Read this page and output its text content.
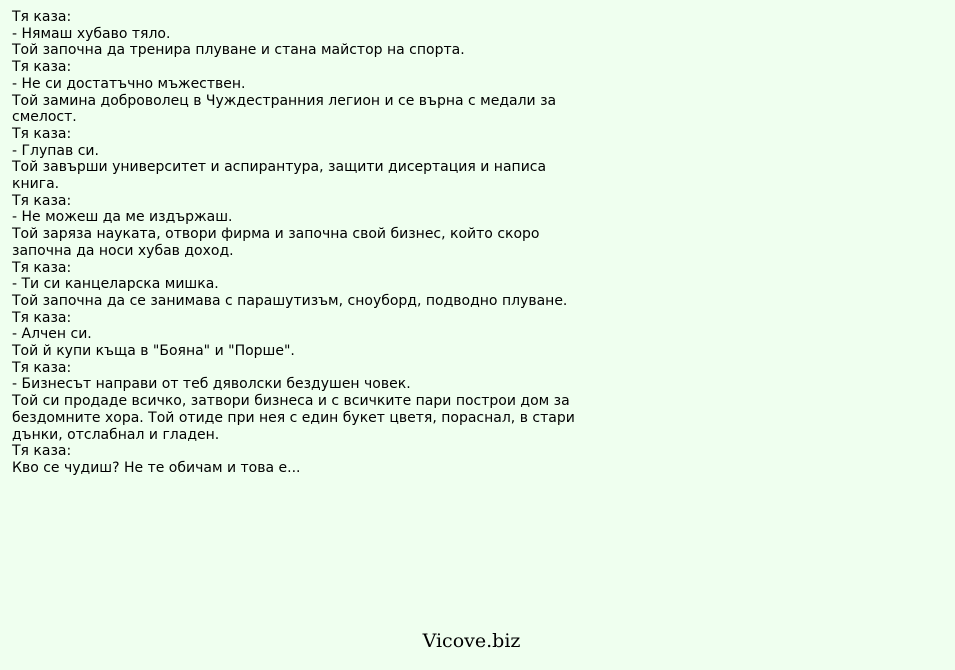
Тя каза:
- Нямаш хубаво тяло.
Той започна да тренира плуване и стана майстор на спорта.
Тя каза:
- Не си достатъчно мъжествен.
Той замина доброволец в Чуждестранния легион и се върна с медали за смелост.
Тя каза:
- Глупав си.
Той завърши университет и аспирантура, защити дисертация и написа книга.
Тя каза:
- Не можеш да ме издържаш.
Той заряза науката, отвори фирма и започна свой бизнес, който скоро започна да носи хубав доход.
Тя каза:
- Ти си канцеларска мишка.
Той започна да се занимава с парашутизъм, сноуборд, подводно плуване.
Тя каза:
- Алчен си.
Той й купи къща в "Бояна" и "Порше".
Тя каза:
- Бизнесът направи от теб дяволски бездушен човек.
Той си продаде всичко, затвори бизнеса и с всичките пари построи дом за бездомните хора. Той отиде при нея с един букет цветя, пораснал, в стари дънки, отслабнал и гладен.
Тя каза:
Кво се чудиш? Не те обичам и това е...
Vicove.biz
